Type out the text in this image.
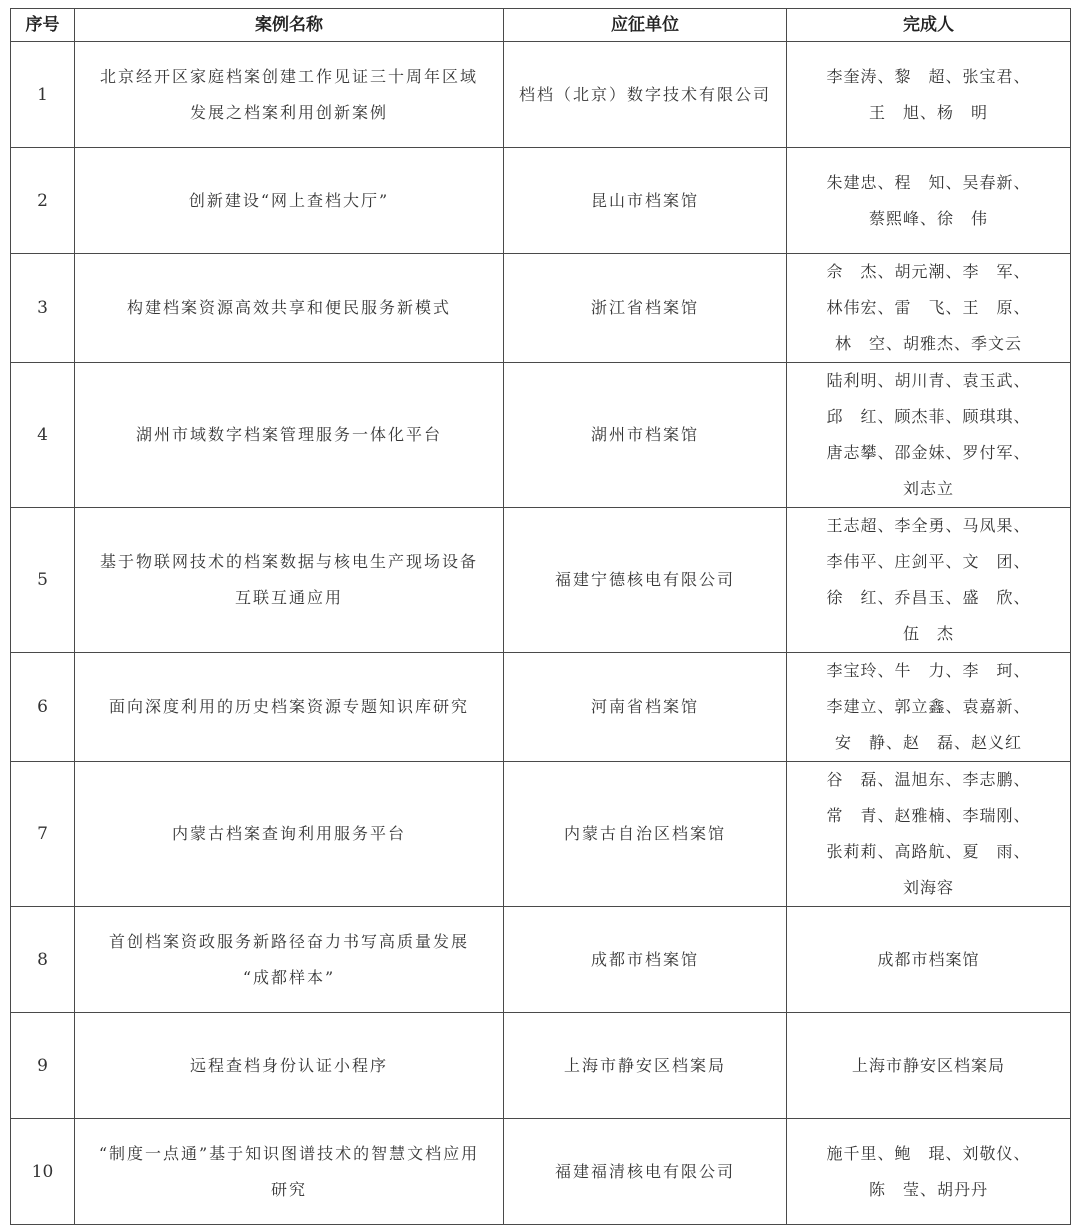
序号	案例名称	应征单位	完成人
1	北京经开区家庭档案创建工作见证三十周年区域
发展之档案利用创新案例	档档（北京）数字技术有限公司	李奎涛、黎　超、张宝君、
王　旭、杨　明

2	创新建设“网上查档大厅”	昆山市档案馆	朱建忠、程　知、吴春新、
蔡熙峰、徐　伟

3	构建档案资源高效共享和便民服务新模式	浙江省档案馆	佘　杰、胡元潮、李　军、
林伟宏、雷　飞、王　原、
林　空、胡雅杰、季文云

4	湖州市域数字档案管理服务一体化平台	湖州市档案馆	陆利明、胡川青、袁玉武、
邱　红、顾杰菲、顾琪琪、
唐志攀、邵金妹、罗付军、
刘志立

5	基于物联网技术的档案数据与核电生产现场设备
互联互通应用	福建宁德核电有限公司	王志超、李全勇、马凤果、
李伟平、庄剑平、文　团、
徐　红、乔昌玉、盛　欣、
伍　杰

6	面向深度利用的历史档案资源专题知识库研究	河南省档案馆	李宝玲、牛　力、李　珂、
李建立、郭立鑫、袁嘉新、
安　静、赵　磊、赵义红

7	内蒙古档案查询利用服务平台	内蒙古自治区档案馆	谷　磊、温旭东、李志鹏、
常　青、赵雅楠、李瑞刚、
张莉莉、高路航、夏　雨、
刘海容

8	首创档案资政服务新路径奋力书写高质量发展
“成都样本”	成都市档案馆	成都市档案馆

9	远程查档身份认证小程序	上海市静安区档案局	上海市静安区档案局

10	“制度一点通”基于知识图谱技术的智慧文档应用
研究	福建福清核电有限公司	施千里、鲍　琨、刘敬仪、
陈　莹、胡丹丹
